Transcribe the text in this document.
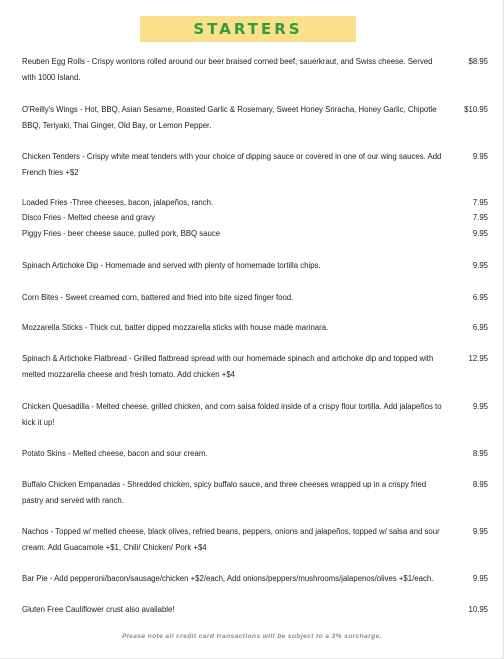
STARTERS
Reuben Egg Rolls - Crispy wontons rolled around our beer braised corned beef, sauerkraut, and Swiss cheese. Served with 1000 Island.
$8.95
O'Reilly's Wings - Hot, BBQ, Asian Sesame, Roasted Garlic & Rosemary, Sweet Honey Sriracha, Honey Garlic, Chipotle BBQ, Teriyaki, Thai Ginger, Old Bay, or Lemon Pepper.
$10.95
Chicken Tenders - Crispy white meat tenders with your choice of dipping sauce or covered in one of our wing sauces. Add French fries +$2
9.95
Loaded Fries -Three cheeses, bacon, jalapeños, ranch.	7.95
Disco Fries - Melted cheese and gravy	7.95
Piggy Fries - beer cheese sauce, pulled pork, BBQ sauce	9.95
Spinach Artichoke Dip - Homemade and served with plenty of homemade tortilla chips.	9.95
Corn Bites - Sweet creamed corn, battered and fried into bite sized finger food.	6.95
Mozzarella Sticks - Thick cut, batter dipped mozzarella sticks with house made marinara.	6.95
Spinach & Artichoke Flatbread - Grilled flatbread spread with our homemade spinach and artichoke dip and topped with melted mozzarella cheese and fresh tomato. Add chicken +$4
12.95
Chicken Quesadilla - Melted cheese, grilled chicken, and corn salsa folded inside of a crispy flour tortilla. Add jalapeños to kick it up!
9.95
Potato Skins - Melted cheese, bacon and sour cream.	8.95
Buffalo Chicken Empanadas - Shredded chicken, spicy buffalo sauce, and three cheeses wrapped up in a crispy fried pastry and served with ranch.
8.95
Nachos - Topped w/ melted cheese, black olives, refried beans, peppers, onions and jalapeños, topped w/ salsa and sour cream. Add Guacamole +$1, Chili/ Chicken/ Pork +$4
9.95
Bar Pie - Add pepperoni/bacon/sausage/chicken +$2/each, Add onions/peppers/mushrooms/jalapenos/olives +$1/each.	9.95
Gluten Free Cauliflower crust also available!	10.95
Please note all credit card transactions will be subject to a 3% surcharge.
